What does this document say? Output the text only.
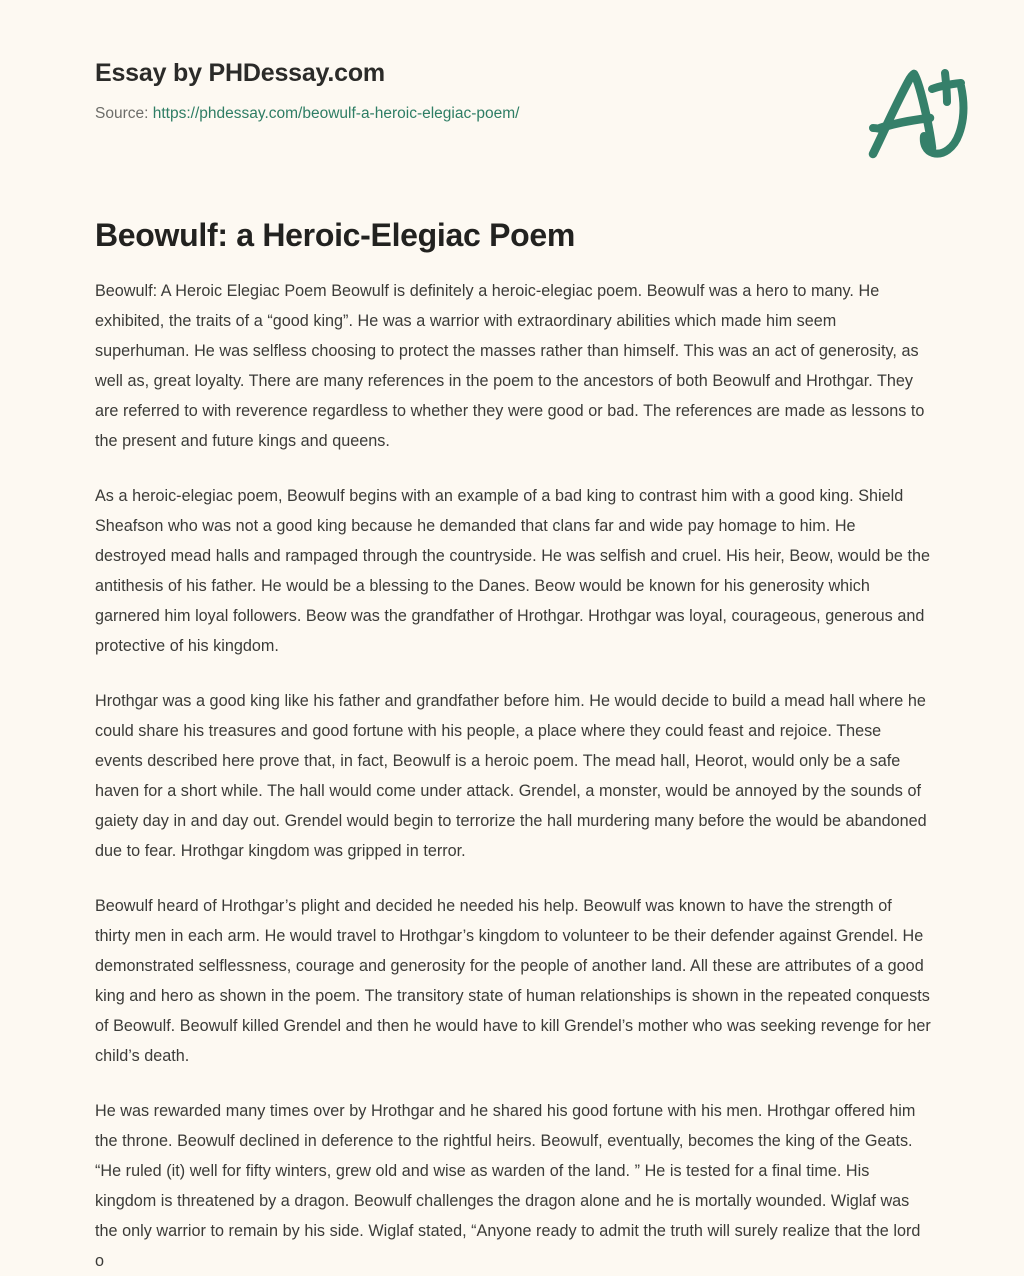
Essay by PHDessay.com
Source: https://phdessay.com/beowulf-a-heroic-elegiac-poem/
Beowulf: a Heroic-Elegiac Poem

Beowulf: A Heroic Elegiac Poem Beowulf is definitely a heroic-elegiac poem. Beowulf was a hero to many. He exhibited, the traits of a “good king”. He was a warrior with extraordinary abilities which made him seem superhuman. He was selfless choosing to protect the masses rather than himself. This was an act of generosity, as well as, great loyalty. There are many references in the poem to the ancestors of both Beowulf and Hrothgar. They are referred to with reverence regardless to whether they were good or bad. The references are made as lessons to the present and future kings and queens.

As a heroic-elegiac poem, Beowulf begins with an example of a bad king to contrast him with a good king. Shield Sheafson who was not a good king because he demanded that clans far and wide pay homage to him. He destroyed mead halls and rampaged through the countryside. He was selfish and cruel. His heir, Beow, would be the antithesis of his father. He would be a blessing to the Danes. Beow would be known for his generosity which garnered him loyal followers. Beow was the grandfather of Hrothgar. Hrothgar was loyal, courageous, generous and protective of his kingdom.

Hrothgar was a good king like his father and grandfather before him. He would decide to build a mead hall where he could share his treasures and good fortune with his people, a place where they could feast and rejoice. These events described here prove that, in fact, Beowulf is a heroic poem. The mead hall, Heorot, would only be a safe haven for a short while. The hall would come under attack. Grendel, a monster, would be annoyed by the sounds of gaiety day in and day out. Grendel would begin to terrorize the hall murdering many before the would be abandoned due to fear. Hrothgar kingdom was gripped in terror.

Beowulf heard of Hrothgar’s plight and decided he needed his help. Beowulf was known to have the strength of thirty men in each arm. He would travel to Hrothgar’s kingdom to volunteer to be their defender against Grendel. He demonstrated selflessness, courage and generosity for the people of another land. All these are attributes of a good king and hero as shown in the poem. The transitory state of human relationships is shown in the repeated conquests of Beowulf. Beowulf killed Grendel and then he would have to kill Grendel’s mother who was seeking revenge for her child’s death.

He was rewarded many times over by Hrothgar and he shared his good fortune with his men. Hrothgar offered him the throne. Beowulf declined in deference to the rightful heirs. Beowulf, eventually, becomes the king of the Geats. “He ruled (it) well for fifty winters, grew old and wise as warden of the land. ” He is tested for a final time. His kingdom is threatened by a dragon. Beowulf challenges the dragon alone and he is mortally wounded. Wiglaf was the only warrior to remain by his side. Wiglaf stated, “Anyone ready to admit the truth will surely realize that the lord o
